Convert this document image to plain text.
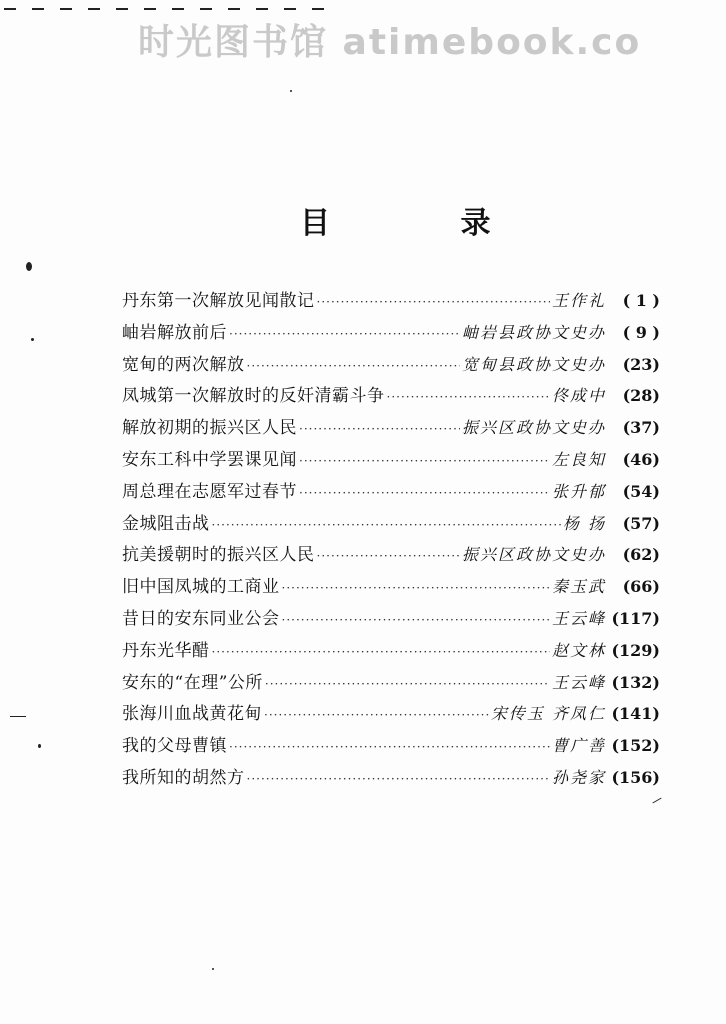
时光图书馆 atimebook.co
目 录
丹东第一次解放见闻散记 ·····	王作礼	( 1 )
岫岩解放前后 ·····	岫岩县政协文史办	( 9 )
宽甸的两次解放 ·····	宽甸县政协文史办	(23)
凤城第一次解放时的反奸清霸斗争 ·····	佟成中	(28)
解放初期的振兴区人民 ·····	振兴区政协文史办	(37)
安东工科中学罢课见闻 ·····	左良知	(46)
周总理在志愿军过春节 ·····	张升郁	(54)
金城阻击战 ·····	杨 扬	(57)
抗美援朝时的振兴区人民 ·····	振兴区政协文史办	(62)
旧中国凤城的工商业 ·····	秦玉武	(66)
昔日的安东同业公会 ·····	王云峰 (117)
丹东光华醋 ·····	赵文林 (129)
安东的“在理”公所 ·····	王云峰 (132)
张海川血战黄花甸 ·····	宋传玉 齐凤仁 (141)
我的父母曹镇 ·····	曹广善 (152)
我所知的胡然方 ·····	孙尧家 (156)
